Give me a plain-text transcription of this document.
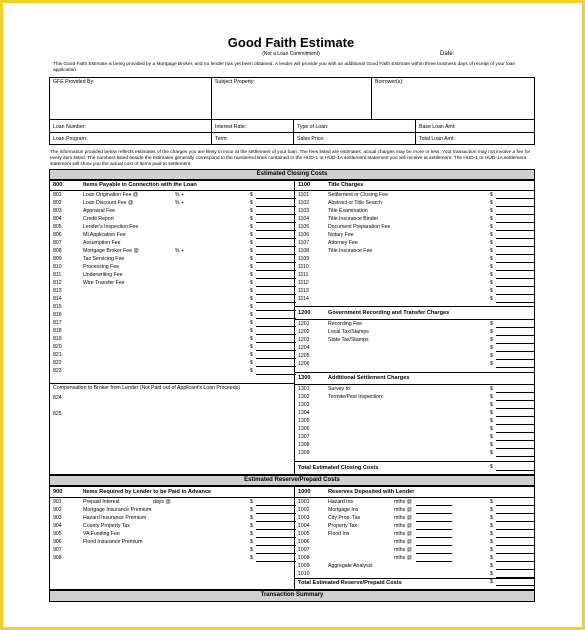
Good Faith Estimate
(Not a Loan Commitment)	Date:
This Good Faith Estimate is being provided by a Mortgage Broker, and no lender has yet been obtained. A lender will provide you with an additional Good Faith Estimate within three business days of receipt of your loan application.
GFE Provided By:	Subject Property:	Borrower(s):
Loan Number:	Interest Rate:	Type of Loan:	Base Loan Amt:
Loan Program:	Term:	Sales Price:	Total Loan Amt:
The information provided below reflects estimates of the charges you are likely to incur at the settlement of your loan. The fees listed are estimates; actual charges may be more or less. Your transaction may not involve a fee for every item listed. The numbers listed beside the estimates generally correspond to the numbered lines contained in the HUD-1 or HUD-1A settlement statement you will receive at settlement. The HUD-1 or HUD-1A settlement statement will show you the actual cost of items paid at settlement.
Estimated Closing Costs
Estimated Reserve/Prepaid Costs
Transaction Summary
800	Items Payable in Connection with the Loan
801	Loan Origination Fee @	% +	$
802	Loan Discount Fee @	% +	$
803	Appraisal Fee	$
804	Credit Report	$
805	Lender's Inspection Fee	$
806	MI Application Fee	$
807	Assumption Fee	$
808	Mortgage Broker Fee @	% +	$
809	Tax Servicing Fee	$
810	Processing Fee	$
811	Underwriting Fee	$
812	Wire Transfer Fee	$
813	$
814	$
815	$
816	$
817	$
818	$
819	$
820	$
821	$
822	$
823	$
Compensation to Broker from Lender (Not Paid out of Applicant's Loan Proceeds)
824
825
1100	Title Charges
1101	Settlement or Closing Fee	$
1102	Abstract or Title Search	$
1103	Title Examination	$
1104	Title Insurance Binder	$
1105	Document Preparation Fee	$
1106	Notary Fee	$
1107	Attorney Fee	$
1108	Title Insurance Fee	$
1109	$
1110	$
1111	$
1112	$
1113	$
1114	$
1200	Government Recording and Transfer Charges
1201	Recording Fee	$
1202	Local Tax/Stamps	$
1203	State Tax/Stamps	$
1204	$
1205	$
1206	$
1300	Additional Settlement Charges
1301	Survey to:	$
1302	Termite/Pest Inspection:	$
1303	$
1304	$
1305	$
1306	$
1307	$
1308	$
1309	$
Total Estimated Closing Costs	$
900	Items Required by Lender to be Paid in Advance
901	Prepaid Interest	days @	$
902	Mortgage Insurance Premium	$
903	Hazard Insurance Premium	$
904	County Property Tax	$
905	VA Funding Fee	$
906	Flood Insurance Premium	$
907	$
908	$
1000	Reserves Deposited with Lender
1001	Hazard Ins	mths @	$
1002	Mortgage Ins	mths @	$
1003	City Prop. Tax	mths @	$
1004	Property Tax	mths @	$
1005	Flood Ins	mths @	$
1006	mths @	$
1007	mths @	$
1008	mths @	$
1009	Aggregate Analysis	$
1010	$
Total Estimated Reserve/Prepaid Costs	$
